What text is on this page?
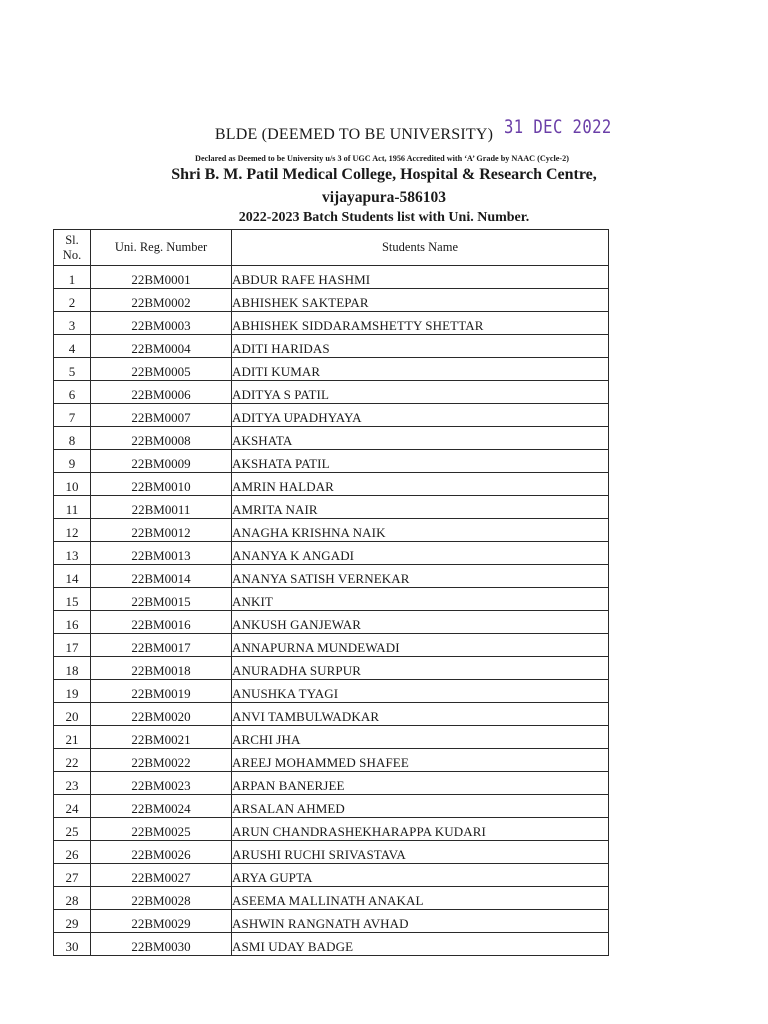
BLDE (DEEMED TO BE UNIVERSITY) 31 DEC 2022
Declared as Deemed to be University u/s 3 of UGC Act, 1956 Accredited with ‘A’ Grade by NAAC (Cycle-2)
Shri B. M. Patil Medical College, Hospital & Research Centre,
vijayapura-586103
2022-2023 Batch Students list with Uni. Number.
Sl.
No.	Uni. Reg. Number	Students Name
1	22BM0001	ABDUR RAFE HASHMI
2	22BM0002	ABHISHEK SAKTEPAR
3	22BM0003	ABHISHEK SIDDARAMSHETTY SHETTAR
4	22BM0004	ADITI HARIDAS
5	22BM0005	ADITI KUMAR
6	22BM0006	ADITYA S PATIL
7	22BM0007	ADITYA UPADHYAYA
8	22BM0008	AKSHATA
9	22BM0009	AKSHATA PATIL
10	22BM0010	AMRIN HALDAR
11	22BM0011	AMRITA NAIR
12	22BM0012	ANAGHA KRISHNA NAIK
13	22BM0013	ANANYA K ANGADI
14	22BM0014	ANANYA SATISH VERNEKAR
15	22BM0015	ANKIT
16	22BM0016	ANKUSH GANJEWAR
17	22BM0017	ANNAPURNA MUNDEWADI
18	22BM0018	ANURADHA SURPUR
19	22BM0019	ANUSHKA TYAGI
20	22BM0020	ANVI TAMBULWADKAR
21	22BM0021	ARCHI JHA
22	22BM0022	AREEJ MOHAMMED SHAFEE
23	22BM0023	ARPAN BANERJEE
24	22BM0024	ARSALAN AHMED
25	22BM0025	ARUN CHANDRASHEKHARAPPA KUDARI
26	22BM0026	ARUSHI RUCHI SRIVASTAVA
27	22BM0027	ARYA GUPTA
28	22BM0028	ASEEMA MALLINATH ANAKAL
29	22BM0029	ASHWIN RANGNATH AVHAD
30	22BM0030	ASMI UDAY BADGE
